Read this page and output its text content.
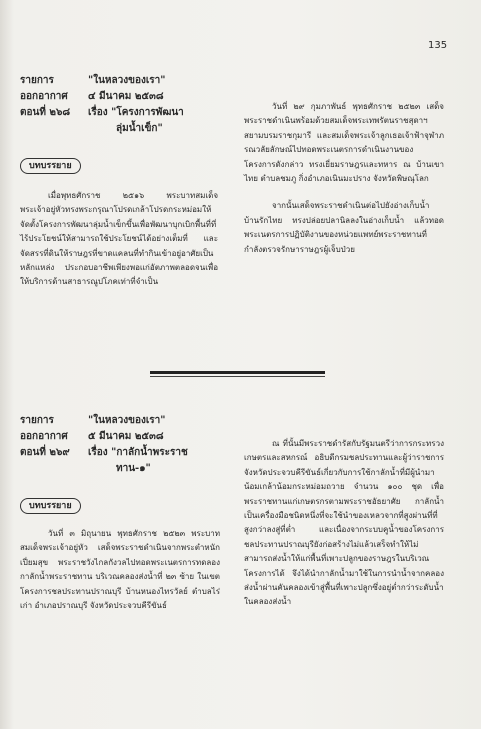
135
รายการ	"ในหลวงของเรา"
ออกอากาศ ๔ มีนาคม ๒๕๓๘
ตอนที่ ๒๖๘ เรื่อง "โครงการพัฒนา
ลุ่มน้ำเข็ก"
บทบรรยาย

เมื่อพุทธศักราช ๒๕๑๖ พระบาทสมเด็จพระเจ้าอยู่หัวทรงพระกรุณาโปรดเกล้าโปรดกระหม่อมให้จัดตั้งโครงการพัฒนาลุ่มน้ำเข็กขึ้นเพื่อพัฒนาบุกเบิกพื้นที่ที่ไร้ประโยชน์ให้สามารถใช้ประโยชน์ได้อย่างเต็มที่ และจัดสรรที่ดินให้ราษฎรที่ขาดแคลนที่ทำกินเข้าอยู่อาศัยเป็นหลักแหล่ง ประกอบอาชีพเพียงพอแก่อัตภาพตลอดจนเพื่อให้บริการด้านสาธารณูปโภคเท่าที่จำเป็น

วันที่ ๒๙ กุมภาพันธ์ พุทธศักราช ๒๕๒๓ เสด็จพระราชดำเนินพร้อมด้วยสมเด็จพระเทพรัตนราชสุดาฯ สยามบรมราชกุมารี และสมเด็จพระเจ้าลูกเธอเจ้าฟ้าจุฬาภรณวลัยลักษณ์ไปทอดพระเนตรการดำเนินงานของโครงการดังกล่าว ทรงเยี่ยมราษฎรและทหาร ณ บ้านเขาไทย ตำบลชมภู กิ่งอำเภอเนินมะปราง จังหวัดพิษณุโลก

จากนั้นเสด็จพระราชดำเนินต่อไปยังอ่างเก็บน้ำบ้านรักไทย ทรงปล่อยปลานิลลงในอ่างเก็บน้ำ แล้วทอดพระเนตรการปฏิบัติงานของหน่วยแพทย์พระราชทานที่กำลังตรวจรักษาราษฎรผู้เจ็บป่วย

รายการ	"ในหลวงของเรา"
ออกอากาศ ๕ มีนาคม ๒๕๓๘
ตอนที่ ๒๖๙ เรื่อง "กาลักน้ำพระราช
ทาน-๑"
บทบรรยาย

วันที่ ๓ มิถุนายน พุทธศักราช ๒๕๒๓ พระบาทสมเด็จพระเจ้าอยู่หัว เสด็จพระราชดำเนินจากพระตำหนักเปี่ยมสุข พระราชวังไกลกังวลไปทอดพระเนตรการทดลองกาลักน้ำพระราชทาน บริเวณคลองส่งน้ำที่ ๒๓ ซ้าย ในเขตโครงการชลประทานปราณบุรี บ้านหนองไทรวัลย์ ตำบลไร่เก่า อำเภอปราณบุรี จังหวัดประจวบคีรีขันธ์

ณ ที่นั้นมีพระราชดำรัสกับรัฐมนตรีว่าการกระทรวงเกษตรและสหกรณ์ อธิบดีกรมชลประทานและผู้ว่าราชการจังหวัดประจวบคีรีขันธ์เกี่ยวกับการใช้กาลักน้ำที่มีผู้นำมาน้อมเกล้าน้อมกระหม่อมถวาย จำนวน ๑๐๐ ชุด เพื่อพระราชทานแก่เกษตรกรตามพระราชอัธยาศัย กาลักน้ำเป็นเครื่องมือชนิดหนึ่งที่จะใช้นำของเหลวจากที่สูงผ่านที่ที่สูงกว่าลงสู่ที่ต่ำ และเนื่องจากระบบคูน้ำของโครงการชลประทานปราณบุรียังก่อสร้างไม่แล้วเสร็จทำให้ไม่สามารถส่งน้ำให้แก่พื้นที่เพาะปลูกของราษฎรในบริเวณโครงการได้ จึงได้นำกาลักน้ำมาใช้ในการนำน้ำจากคลองส่งน้ำผ่านคันคลองเข้าสู่พื้นที่เพาะปลูกซึ่งอยู่ต่ำกว่าระดับน้ำในคลองส่งน้ำ
